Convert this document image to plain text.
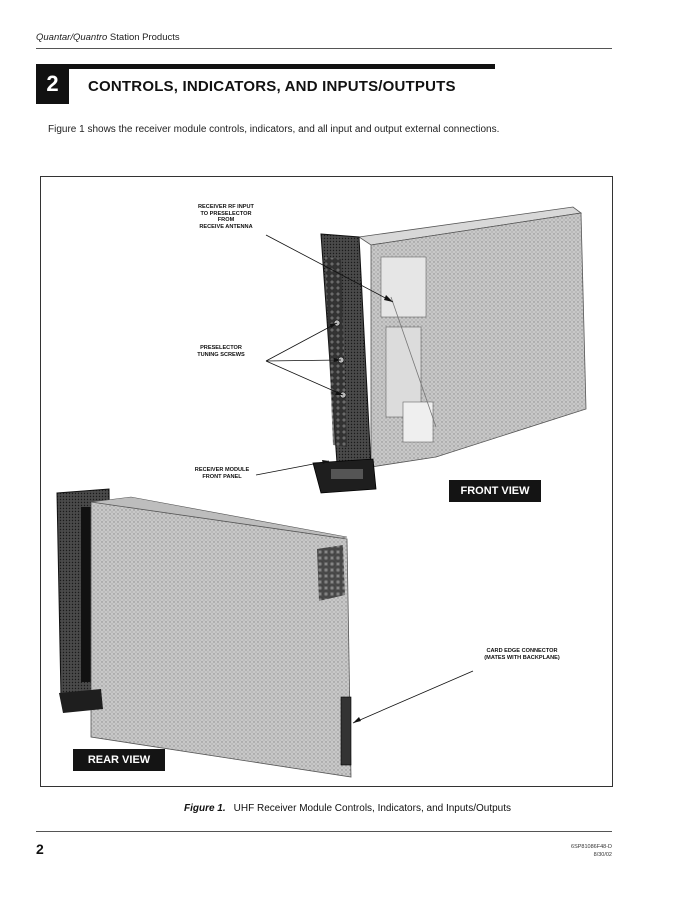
Quantar/Quantro Station Products
2	CONTROLS, INDICATORS, AND INPUTS/OUTPUTS
Figure 1 shows the receiver module controls, indicators, and all input and output external connections.
RECEIVER RF INPUT
TO PRESELECTOR
FROM
RECEIVE ANTENNA
PRESELECTOR
TUNING SCREWS
RECEIVER MODULE
FRONT PANEL
CARD EDGE CONNECTOR
(MATES WITH BACKPLANE)
FRONT VIEW
REAR VIEW
Figure 1. UHF Receiver Module Controls, Indicators, and Inputs/Outputs
2	6SP81086F48-D
8/30/02
